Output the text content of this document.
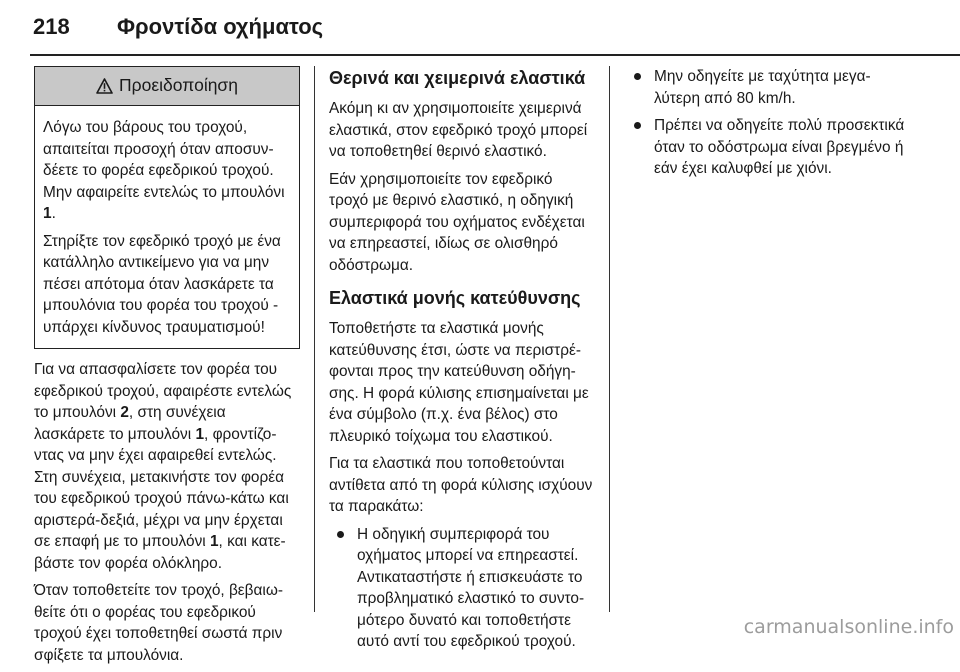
218 Φροντίδα οχήματος
Προειδοποίηση

Λόγω του βάρους του τροχού, απαιτείται προσοχή όταν αποσυνδέετε το φορέα εφεδρικού τροχού. Μην αφαιρείτε εντελώς το μπουλόνι 1.

Στηρίξτε τον εφεδρικό τροχό με ένα κατάλληλο αντικείμενο για να μην πέσει απότομα όταν λασκάρετε τα μπουλόνια του φορέα του τροχού - υπάρχει κίνδυνος τραυματισμού!

Για να απασφαλίσετε τον φορέα του εφεδρικού τροχού, αφαιρέστε εντελώς το μπουλόνι 2, στη συνέχεια λασκάρετε το μπουλόνι 1, φροντίζοντας να μην έχει αφαιρεθεί εντελώς. Στη συνέχεια, μετακινήστε τον φορέα του εφεδρικού τροχού πάνω-κάτω και αριστερά-δεξιά, μέχρι να μην έρχεται σε επαφή με το μπουλόνι 1, και κατεβάστε τον φορέα ολόκληρο.

Όταν τοποθετείτε τον τροχό, βεβαιωθείτε ότι ο φορέας του εφεδρικού τροχού έχει τοποθετηθεί σωστά πριν σφίξετε τα μπουλόνια.

Θερινά και χειμερινά ελαστικά

Ακόμη κι αν χρησιμοποιείτε χειμερινά ελαστικά, στον εφεδρικό τροχό μπορεί να τοποθετηθεί θερινό ελαστικό.

Εάν χρησιμοποιείτε τον εφεδρικό τροχό με θερινό ελαστικό, η οδηγική συμπεριφορά του οχήματος ενδέχεται να επηρεαστεί, ιδίως σε ολισθηρό οδόστρωμα.

Ελαστικά μονής κατεύθυνσης

Τοποθετήστε τα ελαστικά μονής κατεύθυνσης έτσι, ώστε να περιστρέφονται προς την κατεύθυνση οδήγησης. Η φορά κύλισης επισημαίνεται με ένα σύμβολο (π.χ. ένα βέλος) στο πλευρικό τοίχωμα του ελαστικού.

Για τα ελαστικά που τοποθετούνται αντίθετα από τη φορά κύλισης ισχύουν τα παρακάτω:

Η οδηγική συμπεριφορά του οχήματος μπορεί να επηρεαστεί. Αντικαταστήστε ή επισκευάστε το προβληματικό ελαστικό το συντομότερο δυνατό και τοποθετήστε αυτό αντί του εφεδρικού τροχού.
Μην οδηγείτε με ταχύτητα μεγαλύτερη από 80 km/h.
Πρέπει να οδηγείτε πολύ προσεκτικά όταν το οδόστρωμα είναι βρεγμένο ή εάν έχει καλυφθεί με χιόνι.
carmanualsonline.info
